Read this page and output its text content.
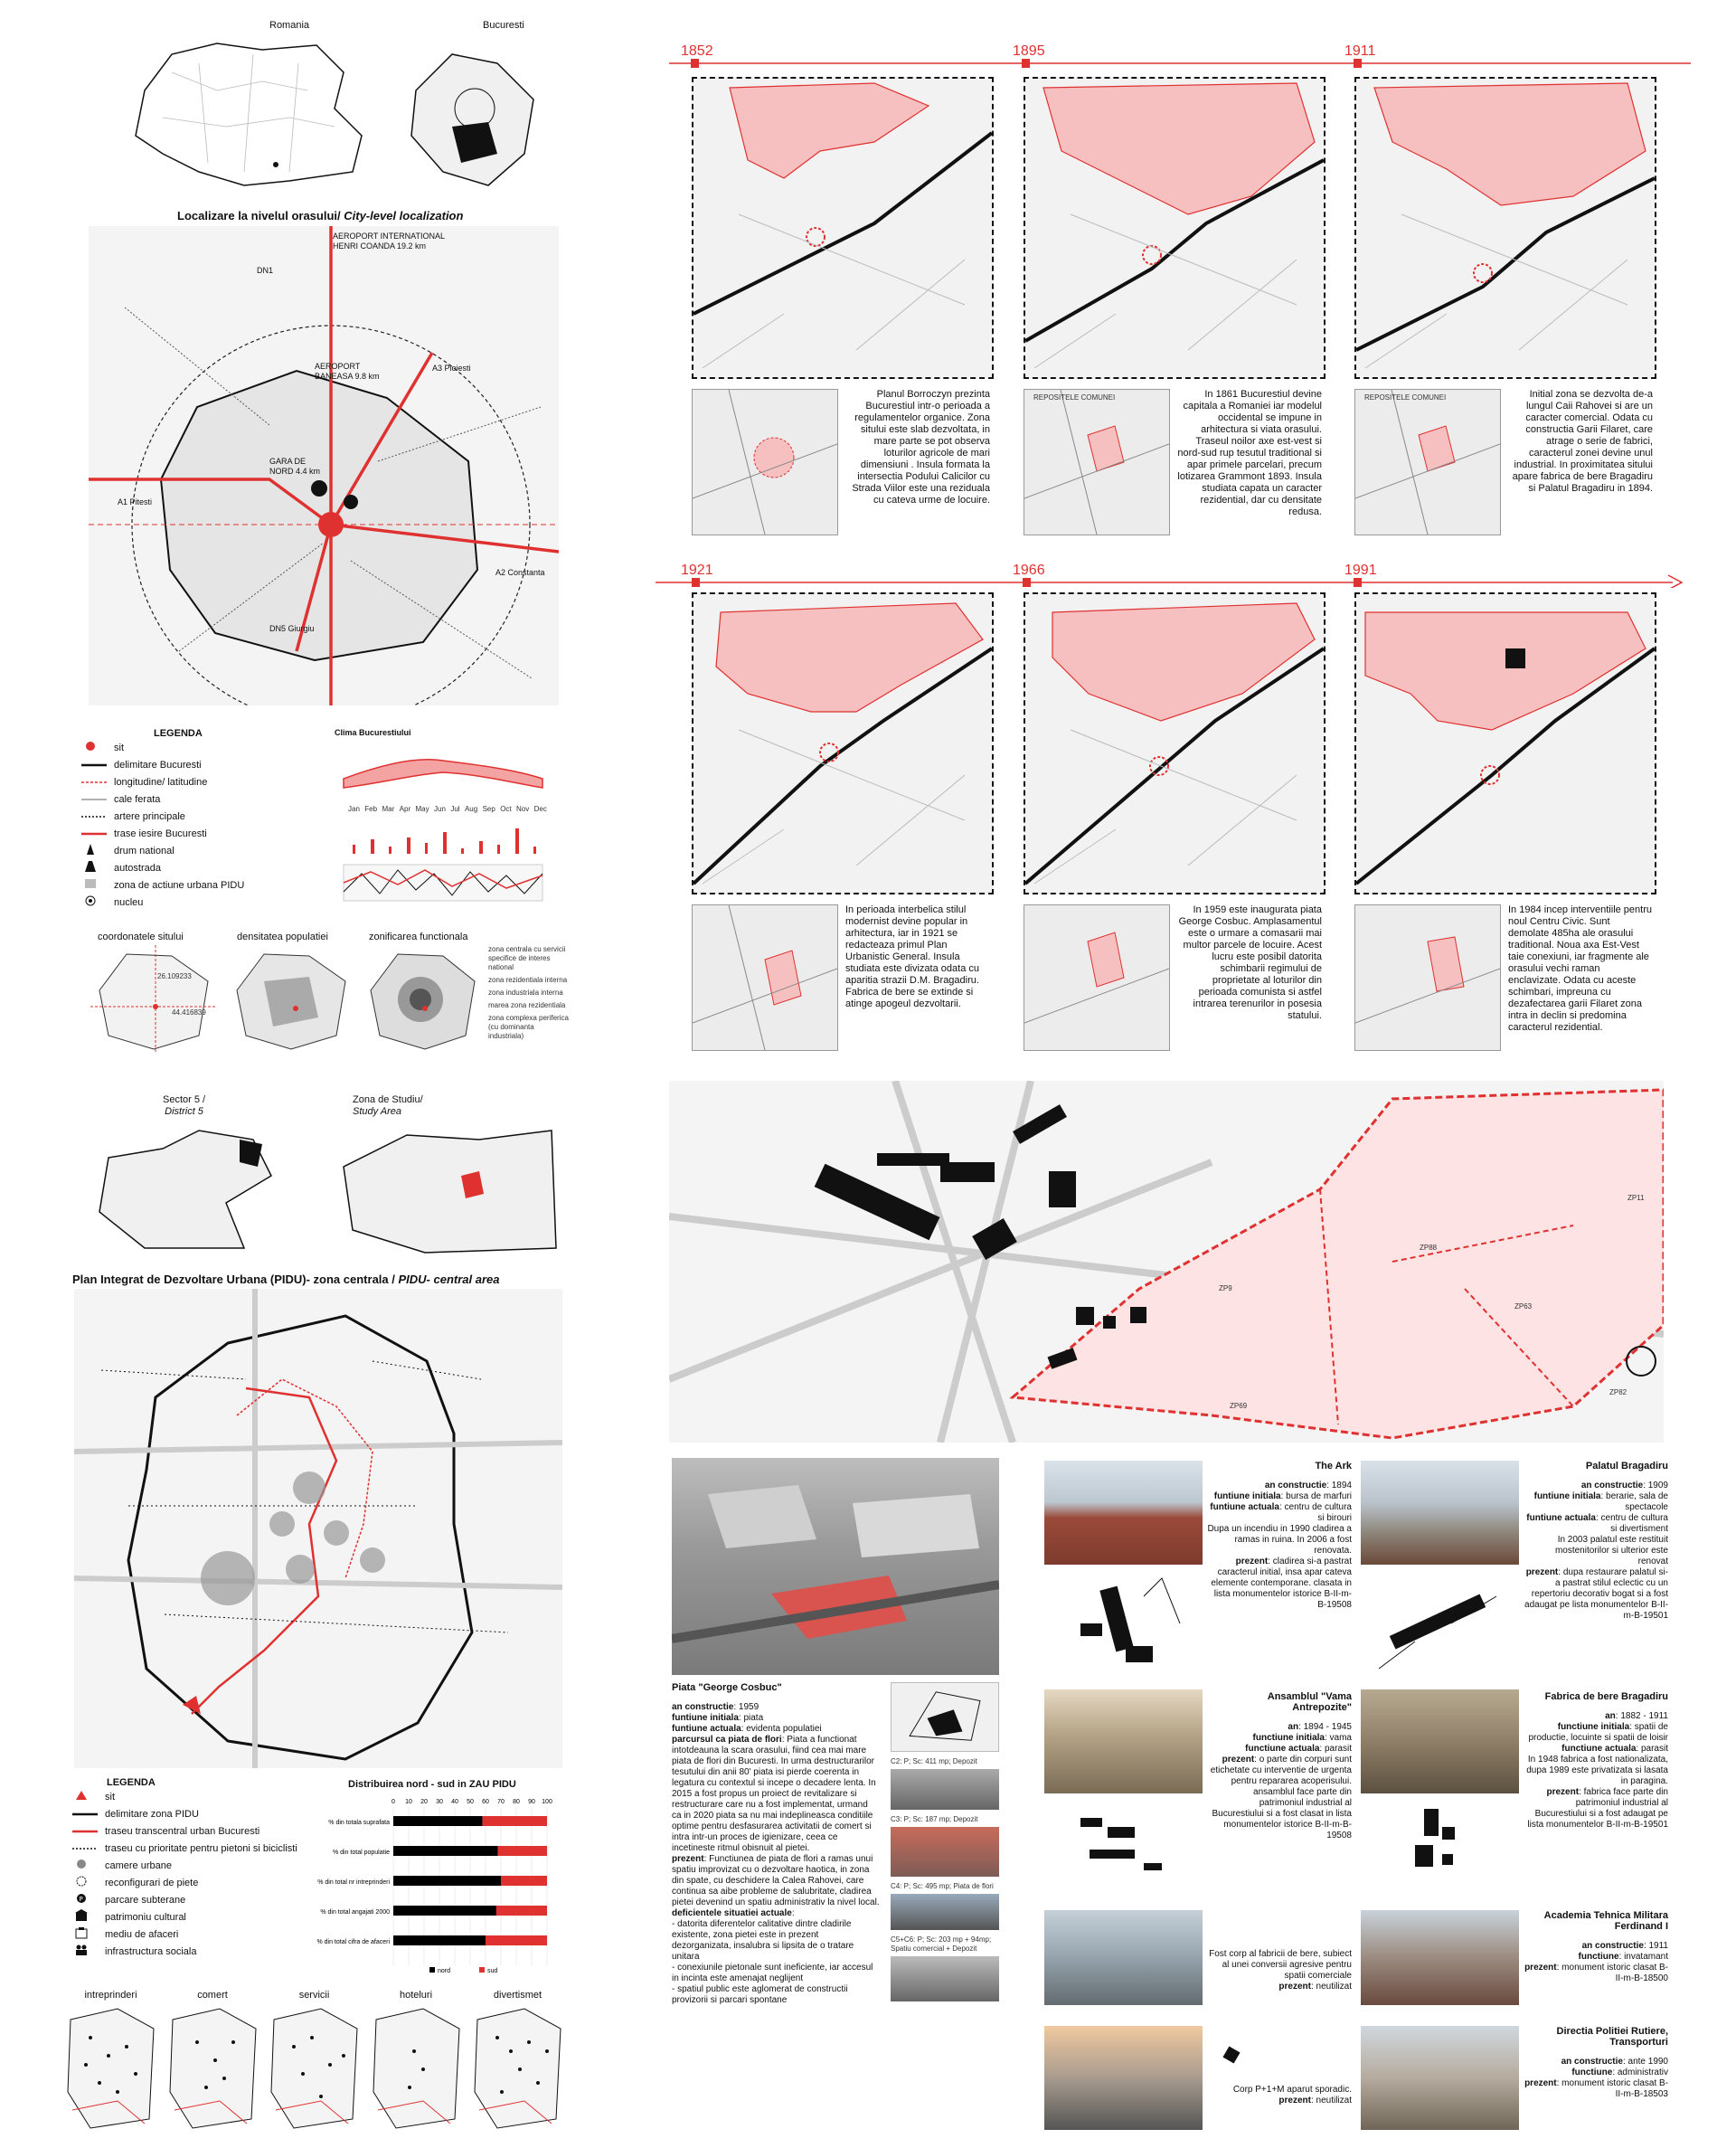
Romania	Bucuresti
Localizare la nivelul orasului/ City-level localization
AEROPORT INTERNATIONAL HENRI COANDA 19.2 km
DN1
AEROPORT BANEASA 9.8 km
A3 Ploiesti
GARA DE NORD 4.4 km
A1 Pitesti
A2 Constanta
DN5 Giurgiu
LEGENDA
sit
delimitare Bucuresti
longitudine/ latitudine
cale ferata
artere principale
trase iesire Bucuresti
drum national
autostrada
zona de actiune urbana PIDU
nucleu
Clima Bucurestiului
Jan Feb Mar Apr May Jun Jul Aug Sep Oct Nov Dec
coordonatele sitului	densitatea populatiei	zonificarea functionala
26.109233
44.416839
zona centrala cu servicii specifice de interes national
zona rezidentiala interna
zona industriala interna
marea zona rezidentiala
zona complexa periferica (cu dominanta industriala)
Sector 5 /
District 5
Zona de Studiu/
Study Area
Plan Integrat de Dezvoltare Urbana (PIDU)- zona centrala / PIDU- central area
LEGENDA
sit
delimitare zona PIDU
traseu transcentral urban Bucuresti
traseu cu prioritate pentru pietoni si biciclisti
camere urbane
reconfigurari de piete
P parcare subterane
patrimoniu cultural
mediu de afaceri
infrastructura sociala
Distribuirea nord - sud in ZAU PIDU
0 10 20 30 40 50 60 70 80 90 100
% din totala suprafata
% din total populatie
% din total nr intreprinderi
% din total angajati 2000
% din total cifra de afaceri
nord	sud
intreprinderi	comert	servicii	hoteluri	divertismet
1852	1895	1911
1921	1966	1991
Planul Borroczyn prezinta Bucurestiul intr-o perioada a regulamentelor organice. Zona sitului este slab dezvoltata, in mare parte se pot observa loturilor agricole de mari dimensiuni . Insula formata la intersectia Podului Calicilor cu Strada Viilor este una reziduala cu cateva urme de locuire.
REPOSITELE COMUNEI	In 1861 Bucurestiul devine capitala a Romaniei iar modelul occidental se impune in arhitectura si viata orasului. Traseul noilor axe est-vest si nord-sud rup tesutul traditional si apar primele parcelari, precum lotizarea Grammont 1893. Insula studiata capata un caracter rezidential, dar cu densitate redusa.
REPOSITELE COMUNEI	Initial zona se dezvolta de-a lungul Caii Rahovei si are un caracter comercial. Odata cu constructia Garii Filaret, care atrage o serie de fabrici, caracterul zonei devine unul industrial. In proximitatea sitului apare fabrica de bere Bragadiru si Palatul Bragadiru in 1894.
In perioada interbelica stilul modernist devine popular in arhitectura, iar in 1921 se redacteaza primul Plan Urbanistic General. Insula studiata este divizata odata cu aparitia strazii D.M. Bragadiru. Fabrica de bere se extinde si atinge apogeul dezvoltarii.
In 1959 este inaugurata piata George Cosbuc. Amplasamentul este o urmare a comasarii mai multor parcele de locuire. Acest lucru este posibil datorita schimbarii regimului de proprietate al loturilor din perioada comunista si astfel intrarea terenurilor in posesia statului.
In 1984 incep interventiile pentru noul Centru Civic. Sunt demolate 485ha ale orasului traditional. Noua axa Est-Vest taie conexiuni, iar fragmente ale orasului vechi raman enclavizate. Odata cu aceste schimbari, impreuna cu dezafectarea garii Filaret zona intra in declin si predomina caracterul rezidential.
ZP11
ZP88
ZP9
ZP63
ZP69
ZP82
Piata "George Cosbuc"
an constructie: 1959
funtiune initiala: piata
funtiune actuala: evidenta populatiei
parcursul ca piata de flori: Piata a functionat intotdeauna la scara orasului, fiind cea mai mare piata de flori din Bucuresti. In urma destructurarilor tesutului din anii 80' piata isi pierde coerenta in legatura cu contextul si incepe o decadere lenta. In 2015 a fost propus un proiect de revitalizare si restructurare care nu a fost implementat, urmand ca in 2020 piata sa nu mai indeplineasca conditiile optime pentru desfasurarea activitatii de comert si intra intr-un proces de igienizare, ceea ce incetineste ritmul obisnuit al pietei.
prezent: Functiunea de piata de flori a ramas unui spatiu improvizat cu o dezvoltare haotica, in zona din spate, cu deschidere la Calea Rahovei, care continua sa aibe probleme de salubritate, cladirea pietei devenind un spatiu administrativ la nivel local.
deficientele situatiei actuale:
- datorita diferentelor calitative dintre cladirile existente, zona pietei este in prezent dezorganizata, insalubra si lipsita de o tratare unitara
- conexiunile pietonale sunt ineficiente, iar accesul in incinta este amenajat neglijent
- spatiul public este aglomerat de constructii provizorii si parcari spontane
C2: P; Sc: 411 mp; Depozit
C3: P; Sc: 187 mp; Depozit
C4: P; Sc: 495 mp; Piata de flori
C5+C6: P; Sc: 203 mp + 94mp; Spatiu comercial + Depozit
The Ark
an constructie: 1894
funtiune initiala: bursa de marfuri
funtiune actuala: centru de cultura si birouri
Dupa un incendiu in 1990 cladirea a ramas in ruina. In 2006 a fost renovata.
prezent: cladirea si-a pastrat caracterul initial, insa apar cateva elemente contemporane. clasata in lista monumentelor istorice B-II-m-B-19508
Ansamblul "Vama Antrepozite"
an: 1894 - 1945
functiune initiala: vama
functiune actuala: parasit
prezent: o parte din corpuri sunt etichetate cu interventie de urgenta pentru repararea acoperisului. ansamblul face parte din patrimoniul industrial al Bucurestiului si a fost clasat in lista monumentelor istorice B-II-m-B-19508
Fost corp al fabricii de bere, subiect al unei conversii agresive pentru spatii comerciale
prezent: neutilizat
Corp P+1+M aparut sporadic.
prezent: neutilizat
Palatul Bragadiru
an constructie: 1909
funtiune initiala: berarie, sala de spectacole
funtiune actuala: centru de cultura si divertisment
In 2003 palatul este restituit mostenitorilor si ulterior este renovat
prezent: dupa restaurare palatul si-a pastrat stilul eclectic cu un repertoriu decorativ bogat si a fost adaugat pe lista monumentelor B-II-m-B-19501
Fabrica de bere Bragadiru
an: 1882 - 1911
functiune initiala: spatii de productie, locuinte si spatii de loisir
functiune actuala: parasit
In 1948 fabrica a fost nationalizata, dupa 1989 este privatizata si lasata in paragina.
prezent: fabrica face parte din patrimoniul industrial al Bucurestiului si a fost adaugat pe lista monumentelor B-II-m-B-19501
Academia Tehnica Militara Ferdinand I
an constructie: 1911
functiune: invatamant
prezent: monument istoric clasat B-II-m-B-18500
Directia Politiei Rutiere, Transporturi
an constructie: ante 1990
functiune: administrativ
prezent: monument istoric clasat B-II-m-B-18503
